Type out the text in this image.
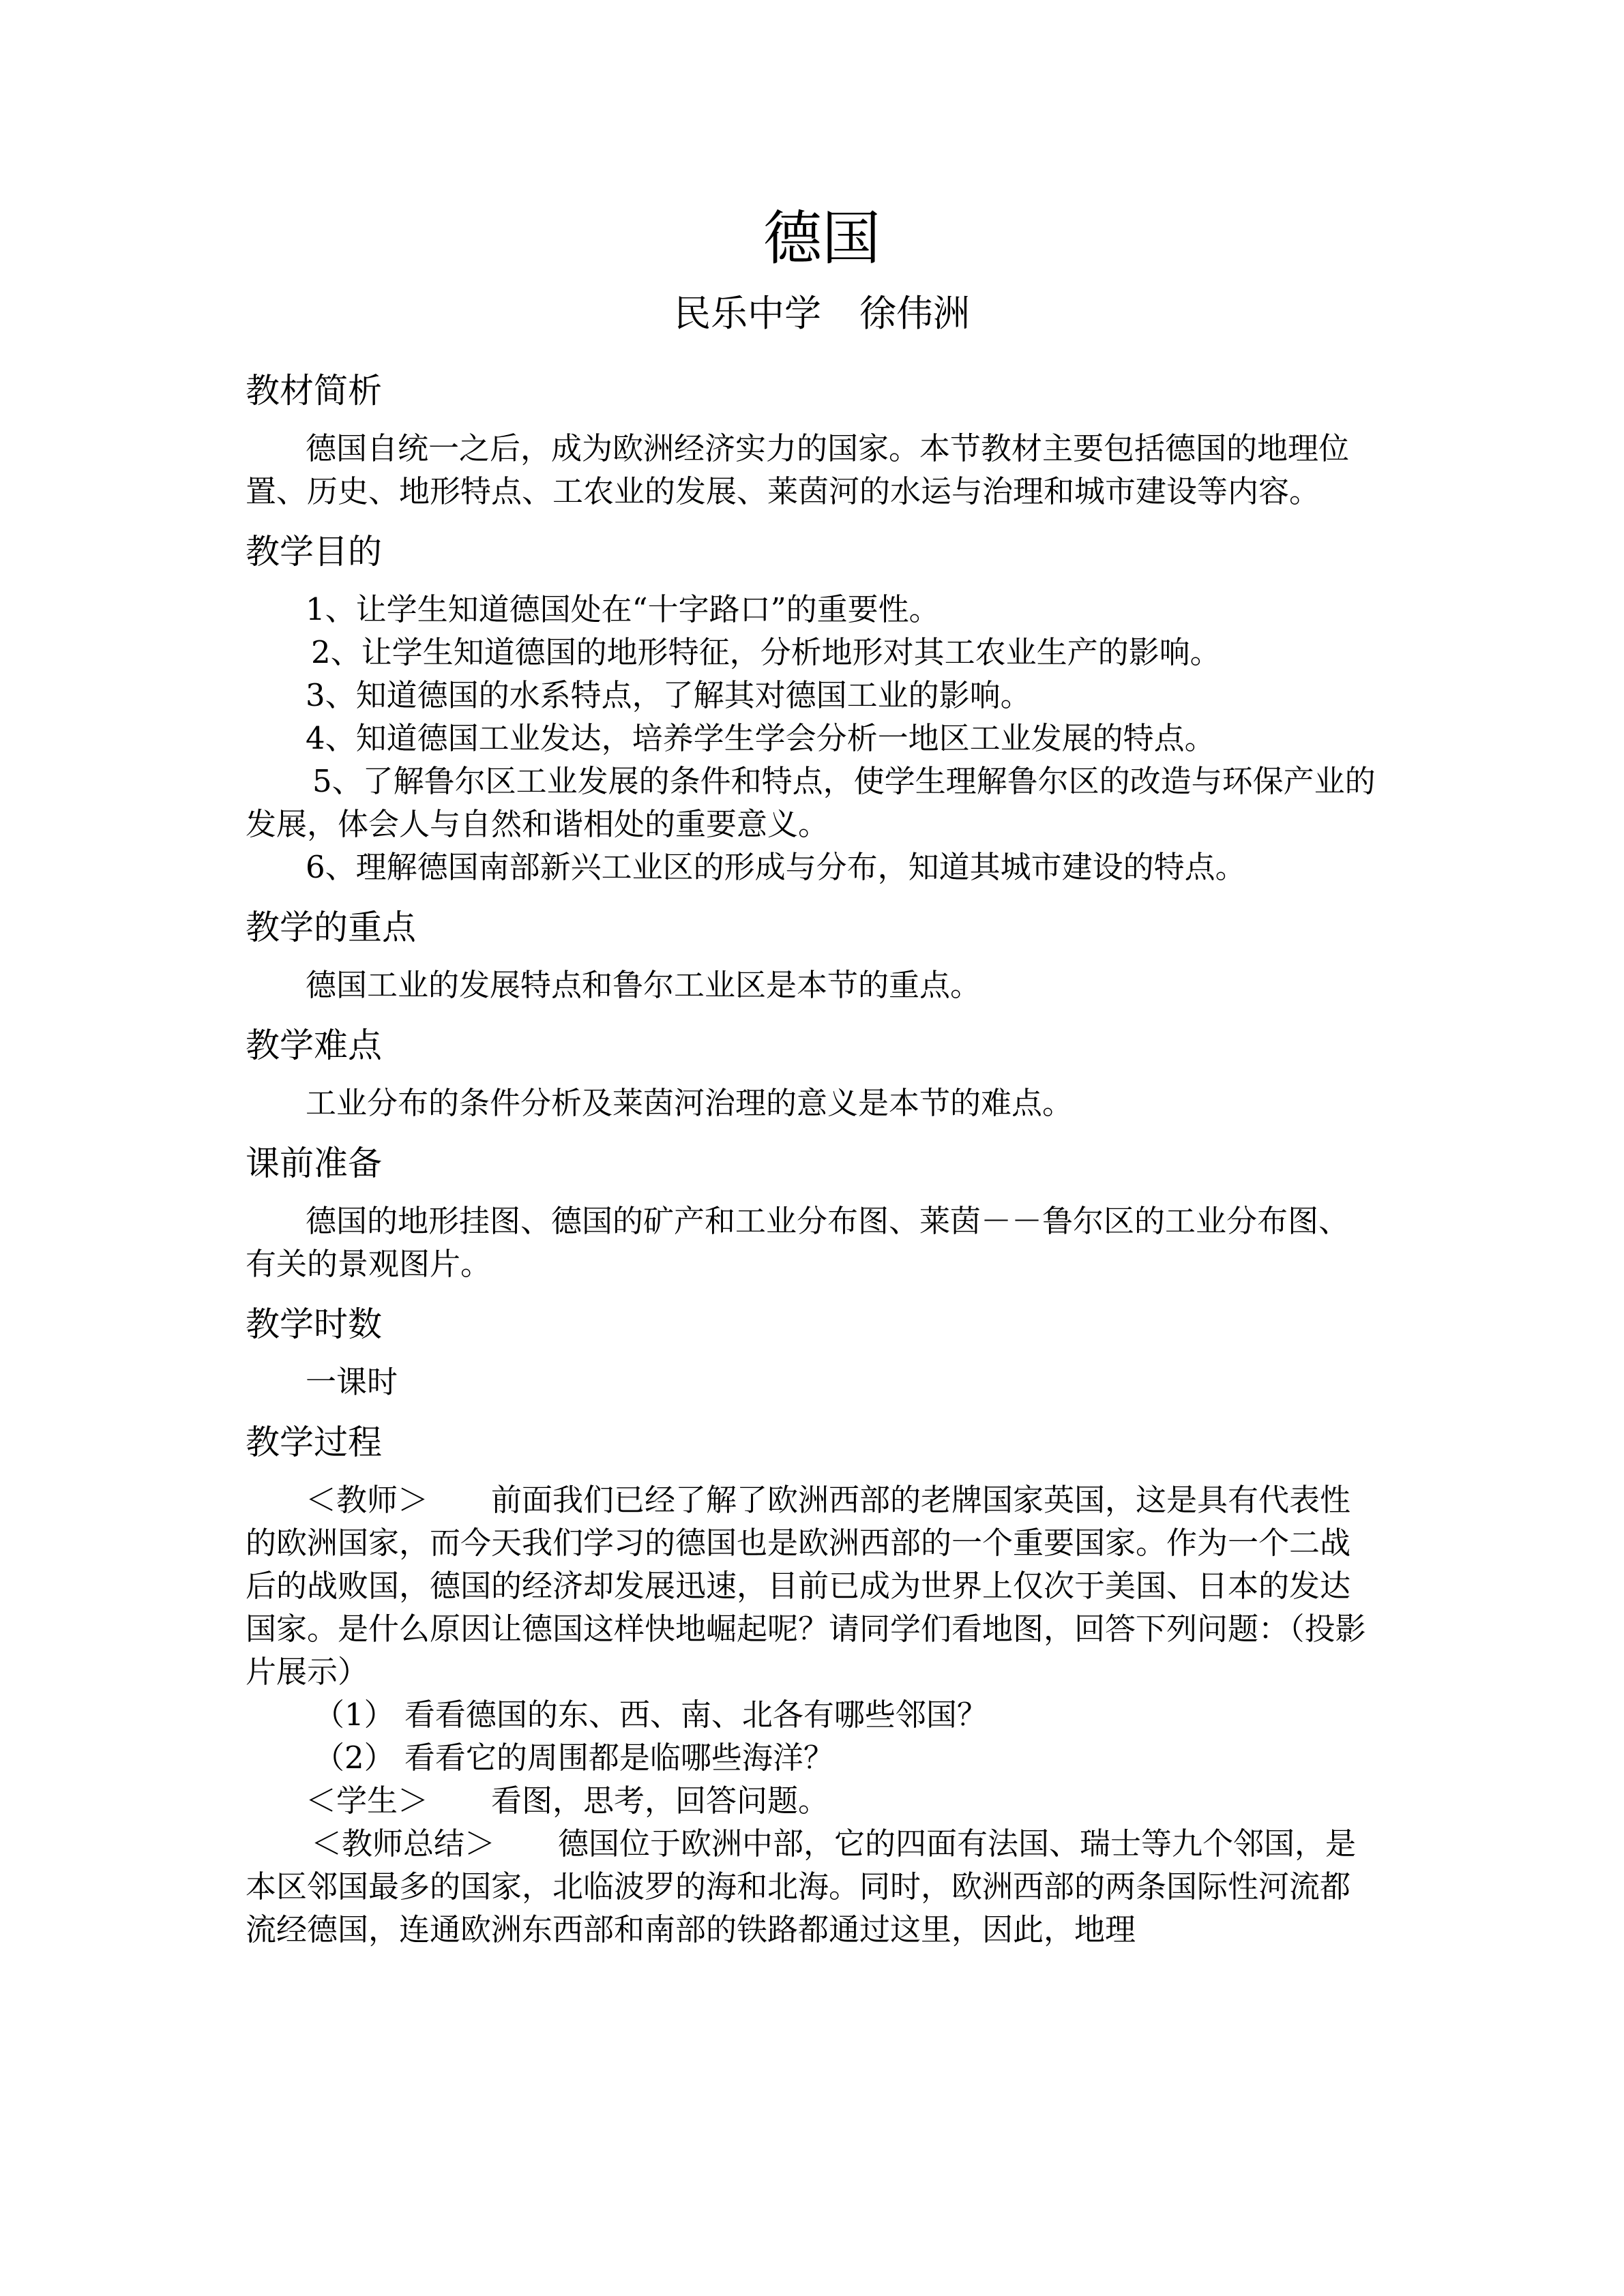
德国
民乐中学 徐伟洲
教材简析

德国自统一之后，成为欧洲经济实力的国家。本节教材主要包括德国的地理位置、历史、地形特点、工农业的发展、莱茵河的水运与治理和城市建设等内容。

教学目的

1、让学生知道德国处在“十字路口”的重要性。

2、让学生知道德国的地形特征，分析地形对其工农业生产的影响。

3、知道德国的水系特点，了解其对德国工业的影响。

4、知道德国工业发达，培养学生学会分析一地区工业发展的特点。

5、了解鲁尔区工业发展的条件和特点，使学生理解鲁尔区的改造与环保产业的发展，体会人与自然和谐相处的重要意义。

6、理解德国南部新兴工业区的形成与分布，知道其城市建设的特点。

教学的重点

德国工业的发展特点和鲁尔工业区是本节的重点。

教学难点

工业分布的条件分析及莱茵河治理的意义是本节的难点。

课前准备

德国的地形挂图、德国的矿产和工业分布图、莱茵－－鲁尔区的工业分布图、有关的景观图片。

教学时数

一课时

教学过程

＜教师＞ 前面我们已经了解了欧洲西部的老牌国家英国，这是具有代表性的欧洲国家，而今天我们学习的德国也是欧洲西部的一个重要国家。作为一个二战后的战败国，德国的经济却发展迅速，目前已成为世界上仅次于美国、日本的发达国家。是什么原因让德国这样快地崛起呢？请同学们看地图，回答下列问题：（投影片展示）

（1） 看看德国的东、西、南、北各有哪些邻国？

（2） 看看它的周围都是临哪些海洋？

＜学生＞ 看图，思考，回答问题。

＜教师总结＞ 德国位于欧洲中部，它的四面有法国、瑞士等九个邻国，是本区邻国最多的国家，北临波罗的海和北海。同时，欧洲西部的两条国际性河流都流经德国，连通欧洲东西部和南部的铁路都通过这里，因此，地理
